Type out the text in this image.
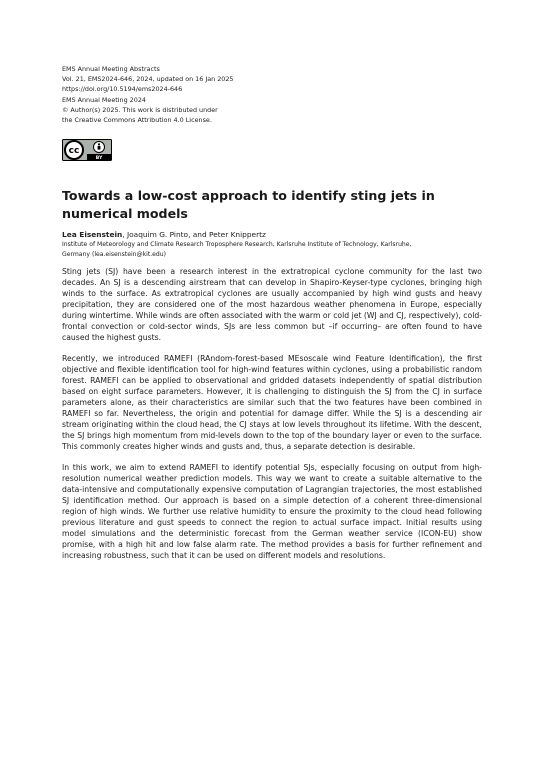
EMS Annual Meeting Abstracts
Vol. 21, EMS2024-646, 2024, updated on 16 Jan 2025
https://doi.org/10.5194/ems2024-646
EMS Annual Meeting 2024
© Author(s) 2025. This work is distributed under
the Creative Commons Attribution 4.0 License.
cc
BY
Towards a low-cost approach to identify sting jets in numerical models
Lea Eisenstein, Joaquim G. Pinto, and Peter Knippertz
Institute of Meteorology and Climate Research Troposphere Research, Karlsruhe Institute of Technology, Karlsruhe,
Germany (lea.eisenstein@kit.edu)

Sting jets (SJ) have been a research interest in the extratropical cyclone community for the last two decades. An SJ is a descending airstream that can develop in Shapiro-Keyser-type cyclones, bringing high winds to the surface. As extratropical cyclones are usually accompanied by high wind gusts and heavy precipitation, they are considered one of the most hazardous weather phenomena in Europe, especially during wintertime. While winds are often associated with the warm or cold jet (WJ and CJ, respectively), cold-frontal convection or cold-sector winds, SJs are less common but –if occurring– are often found to have caused the highest gusts.

Recently, we introduced RAMEFI (RAndom-forest-based MEsoscale wind Feature Identification), the first objective and flexible identification tool for high-wind features within cyclones, using a probabilistic random forest. RAMEFI can be applied to observational and gridded datasets independently of spatial distribution based on eight surface parameters. However, it is challenging to distinguish the SJ from the CJ in surface parameters alone, as their characteristics are similar such that the two features have been combined in RAMEFI so far. Nevertheless, the origin and potential for damage differ. While the SJ is a descending air stream originating within the cloud head, the CJ stays at low levels throughout its lifetime. With the descent, the SJ brings high momentum from mid-levels down to the top of the boundary layer or even to the surface. This commonly creates higher winds and gusts and, thus, a separate detection is desirable.

In this work, we aim to extend RAMEFI to identify potential SJs, especially focusing on output from high-resolution numerical weather prediction models. This way we want to create a suitable alternative to the data-intensive and computationally expensive computation of Lagrangian trajectories, the most established SJ identification method. Our approach is based on a simple detection of a coherent three-dimensional region of high winds. We further use relative humidity to ensure the proximity to the cloud head following previous literature and gust speeds to connect the region to actual surface impact. Initial results using model simulations and the deterministic forecast from the German weather service (ICON-EU) show promise, with a high hit and low false alarm rate. The method provides a basis for further refinement and increasing robustness, such that it can be used on different models and resolutions.
